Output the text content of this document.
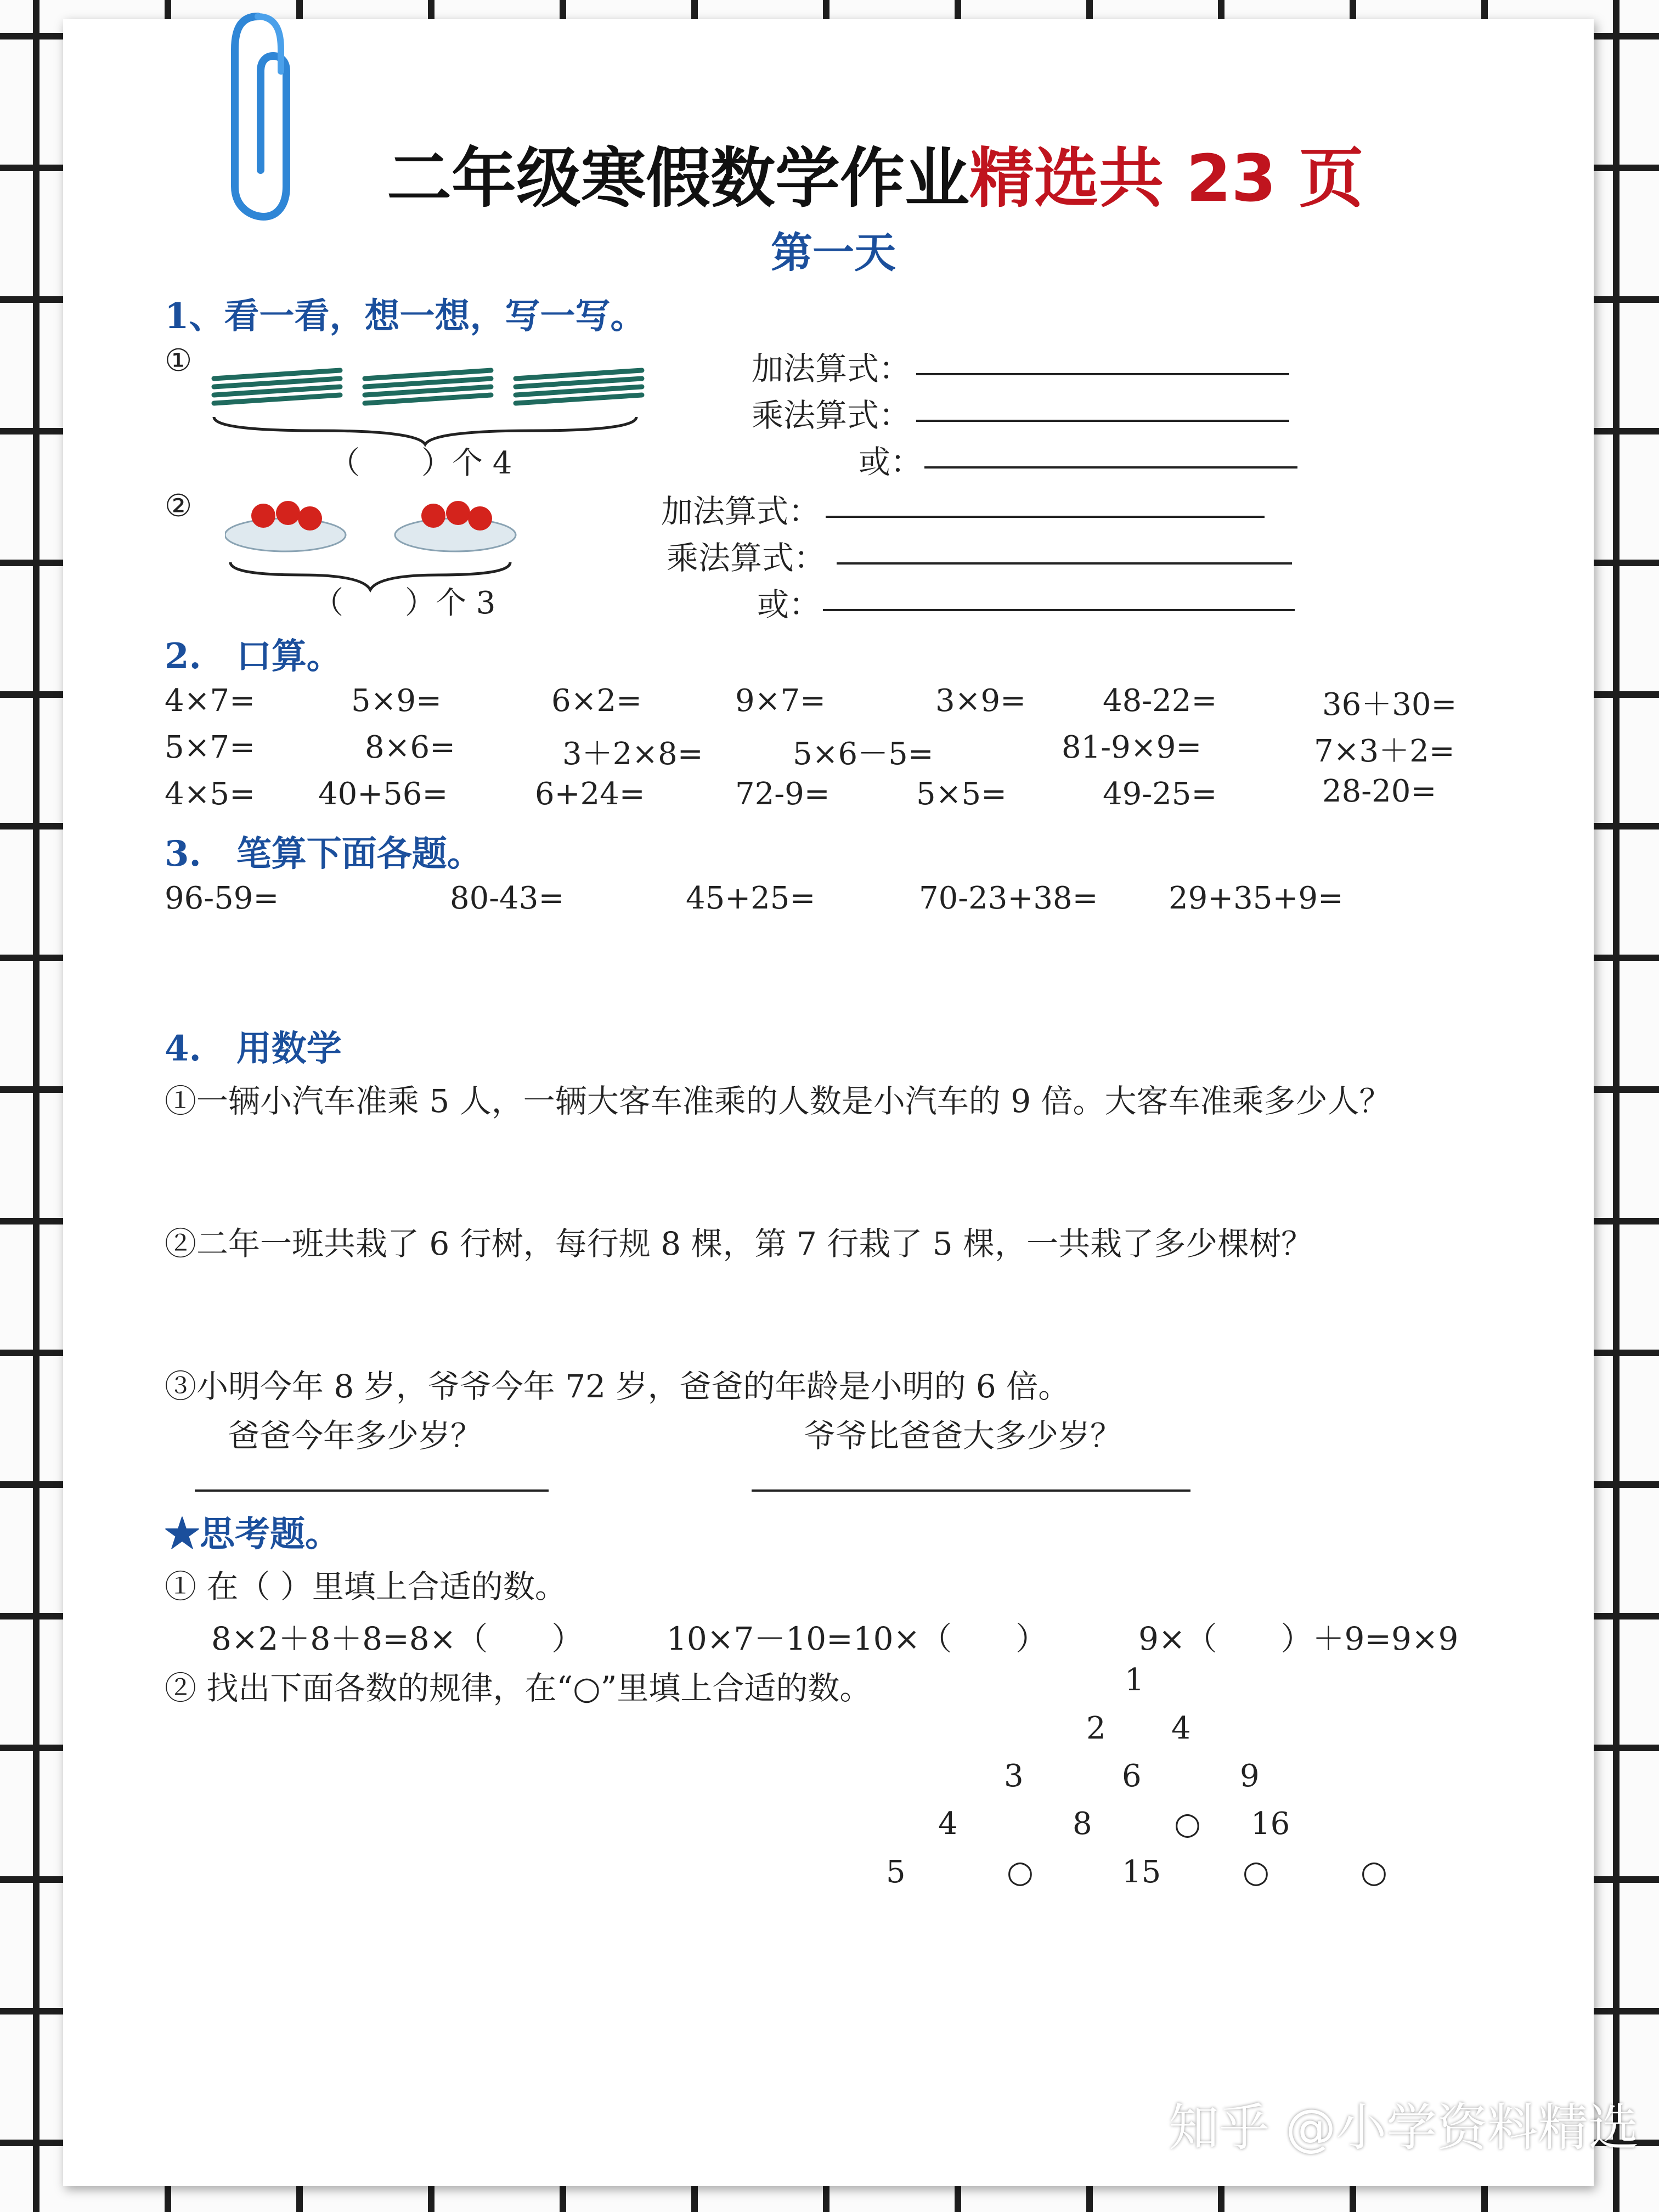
二年级寒假数学作业精选共 23 页
第一天
1、看一看，想一想，写一写。
①
（　　）个 4
加法算式：
乘法算式：
或：
②
（　　）个 3
加法算式：
乘法算式：
或：
2.　口算。
4×7=	5×9=	6×2=	9×7=	3×9= 48-22=	36＋30=
5×7=	8×6=	3＋2×8=	5×6－5=	81-9×9=	7×3＋2=
4×5= 40+56=	6+24=	72-9=	5×5=	49-25=	28-20=
3.　笔算下面各题。
96-59=	80-43=	45+25=	70-23+38= 29+35+9=
4.　用数学
①一辆小汽车准乘 5 人，一辆大客车准乘的人数是小汽车的 9 倍。大客车准乘多少人？
②二年一班共栽了 6 行树，每行规 8 棵，第 7 行栽了 5 棵，一共栽了多少棵树？
③小明今年 8 岁，爷爷今年 72 岁，爸爸的年龄是小明的 6 倍。
爸爸今年多少岁？	爷爷比爸爸大多少岁？
★思考题。
① 在（ ）里填上合适的数。
8×2＋8＋8=8×（　　）	10×7－10=10×（　　）	9×（　　）＋9=9×9
② 找出下面各数的规律，在“○”里填上合适的数。	1
2 4
3	6	9
4	8	○ 16
5	○	15	○	○
知乎 @小学资料精选
